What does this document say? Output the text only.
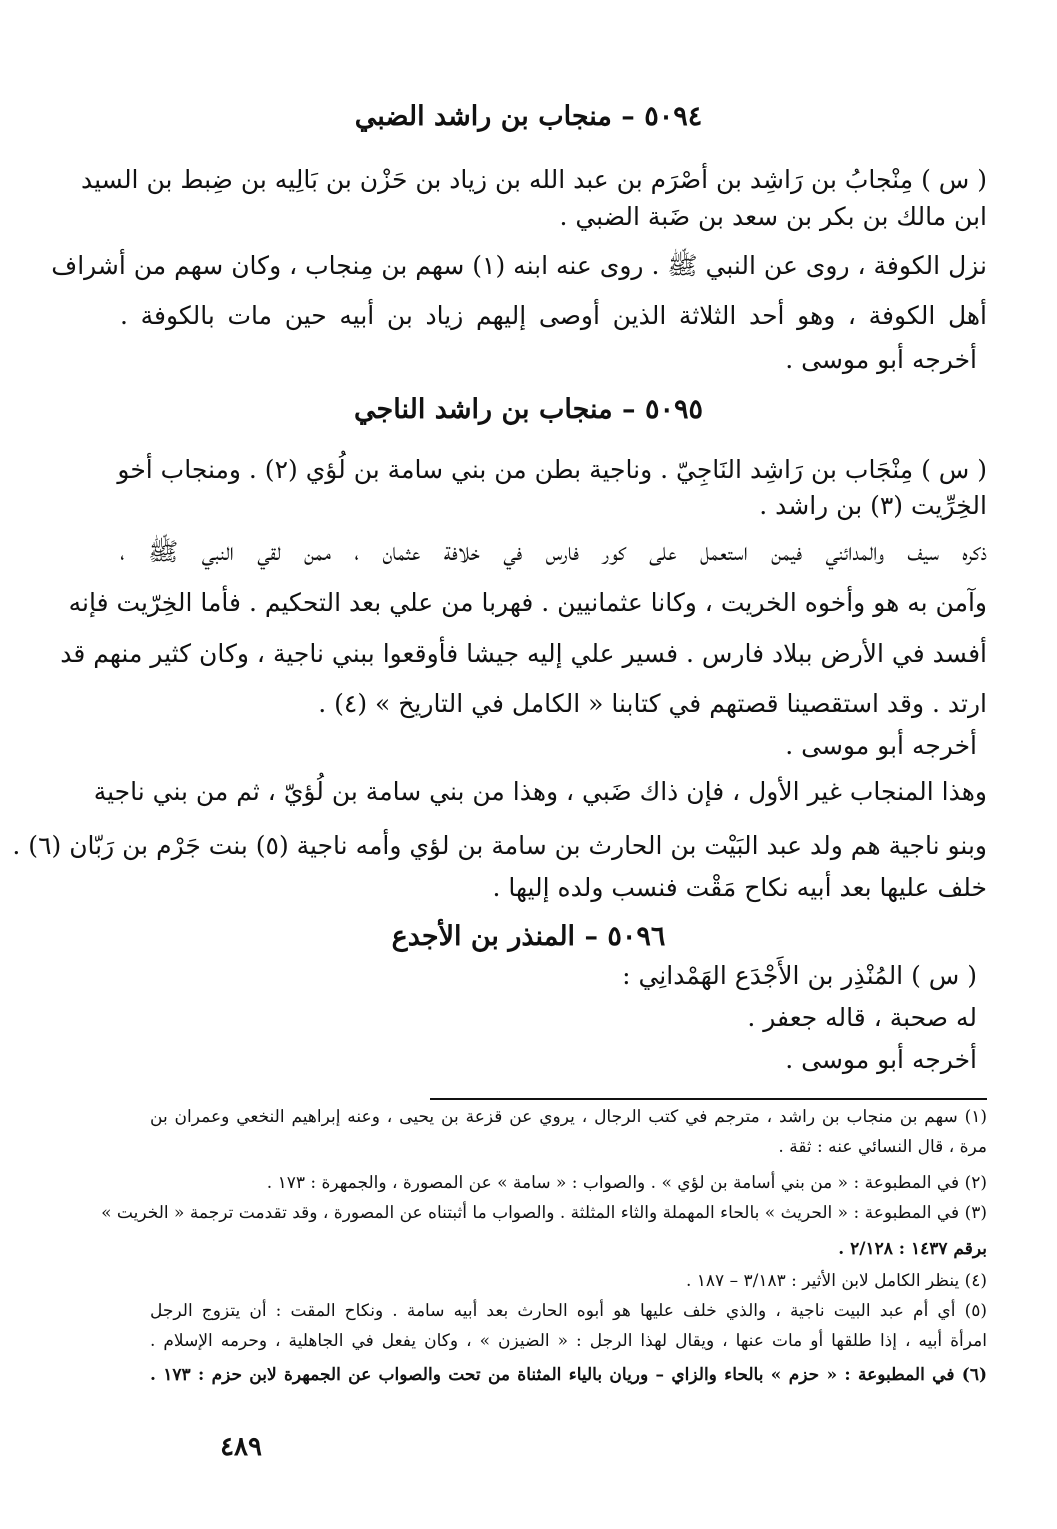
٥٠٩٤ – منجاب بن راشد الضبي
( س ) مِنْجابُ بن رَاشِد بن أصْرَم بن عبد الله بن زياد بن حَزْن بن بَالِيه بن ضِبط بن السيد
ابن مالك بن بكر بن سعد بن ضَبة الضبي .
نزل الكوفة ، روى عن النبي ﷺ . روى عنه ابنه (١) سهم بن مِنجاب ، وكان سهم من أشراف
أهل الكوفة ، وهو أحد الثلاثة الذين أوصى إليهم زياد بن أبيه حين مات بالكوفة .
أخرجه أبو موسى .
٥٠٩٥ – منجاب بن راشد الناجي
( س ) مِنْجَاب بن رَاشِد النَاجِيّ . وناجية بطن من بني سامة بن لُؤي (٢) . ومنجاب أخو
الخِرِّيت (٣) بن راشد .
ذكره سيف والمدائني فيمن استعمل على كور فارس في خلافة عثمان ، ممن لقي النبي ﷺ ،
وآمن به هو وأخوه الخريت ، وكانا عثمانيين . فهربا من علي بعد التحكيم . فأما الخِرّيت فإنه
أفسد في الأرض ببلاد فارس . فسير علي إليه جيشا فأوقعوا ببني ناجية ، وكان كثير منهم قد
ارتد . وقد استقصينا قصتهم في كتابنا « الكامل في التاريخ » (٤) .
أخرجه أبو موسى .
وهذا المنجاب غير الأول ، فإن ذاك ضَبي ، وهذا من بني سامة بن لُؤيّ ، ثم من بني ناجية
وبنو ناجية هم ولد عبد البَيْت بن الحارث بن سامة بن لؤي وأمه ناجية (٥) بنت جَرْم بن رَبّان (٦) .
خلف عليها بعد أبيه نكاح مَقْت فنسب ولده إليها .
٥٠٩٦ – المنذر بن الأجدع
( س ) المُنْذِر بن الأَجْدَع الهَمْدانِي :
له صحبة ، قاله جعفر .
أخرجه أبو موسى .
(١) سهم بن منجاب بن راشد ، مترجم في كتب الرجال ، يروي عن قزعة بن يحيى ، وعنه إبراهيم النخعي وعمران بن
مرة ، قال النسائي عنه : ثقة .
(٢) في المطبوعة : « من بني أسامة بن لؤي » . والصواب : « سامة » عن المصورة ، والجمهرة : ١٧٣ .
(٣) في المطبوعة : « الحريث » بالحاء المهملة والثاء المثلثة . والصواب ما أثبتناه عن المصورة ، وقد تقدمت ترجمة « الخريت »
برقم ١٤٣٧ : ٢/١٢٨ .
(٤) ينظر الكامل لابن الأثير : ٣/١٨٣ – ١٨٧ .
(٥) أي أم عبد البيت ناجية ، والذي خلف عليها هو أبوه الحارث بعد أبيه سامة . ونكاح المقت : أن يتزوج الرجل
امرأة أبيه ، إذا طلقها أو مات عنها ، ويقال لهذا الرجل : « الضيزن » ، وكان يفعل في الجاهلية ، وحرمه الإسلام .
(٦) في المطبوعة : « حزم » بالحاء والزاي – وريان بالياء المثناة من تحت والصواب عن الجمهرة لابن حزم : ١٧٣ .
٤٨٩
